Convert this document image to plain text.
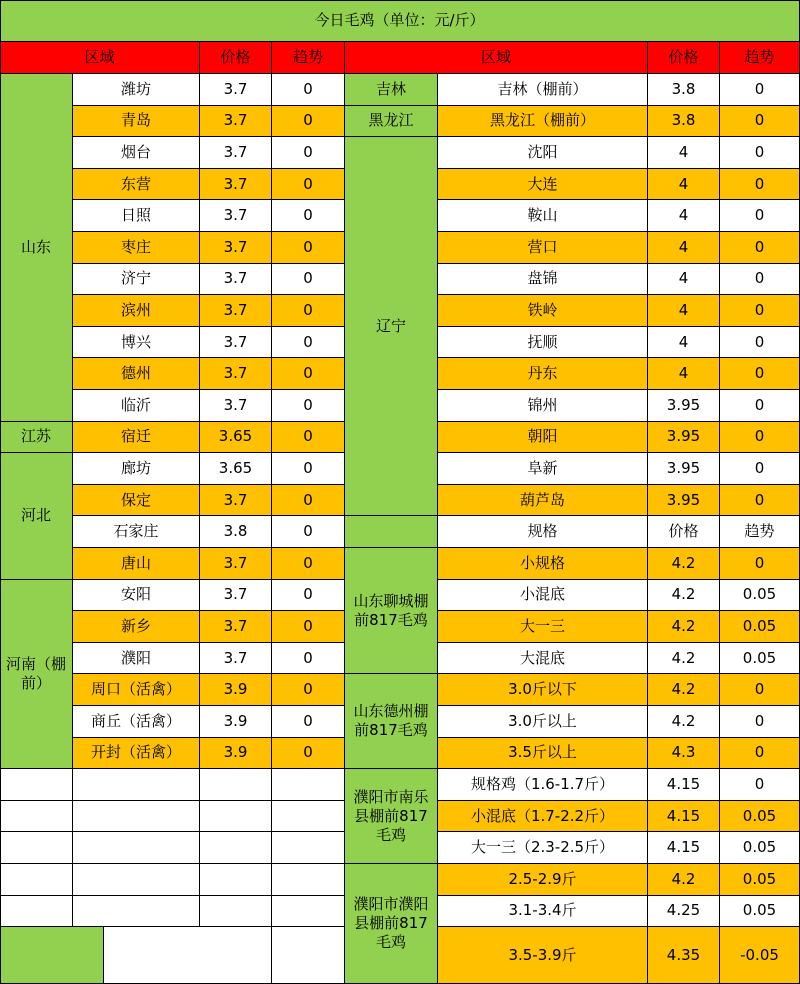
今日毛鸡（单位：元/斤）
区域	价格	趋势	区域	价格	趋势
山东
潍坊	3.7	0
青岛	3.7	0
烟台	3.7	0
东营	3.7	0
日照	3.7	0
枣庄	3.7	0
济宁	3.7	0
滨州	3.7	0
博兴	3.7	0
德州	3.7	0
临沂	3.7	0
江苏	宿迁	3.65	0
河北
廊坊	3.65	0
保定	3.7	0
石家庄	3.8	0
唐山	3.7	0
河南（棚前）
安阳	3.7	0
新乡	3.7	0
濮阳	3.7	0
周口（活禽）	3.9	0
商丘（活禽）	3.9	0
开封（活禽）	3.9	0
吉林	吉林（棚前）	3.8	0
黑龙江	黑龙江（棚前）	3.8	0
辽宁
沈阳	4	0
大连	4	0
鞍山	4	0
营口	4	0
盘锦	4	0
铁岭	4	0
抚顺	4	0
丹东	4	0
锦州	3.95	0
朝阳	3.95	0
阜新	3.95	0
葫芦岛	3.95	0
规格	价格	趋势
山东聊城棚前817毛鸡
小规格	4.2	0
小混底	4.2	0.05
大一三	4.2	0.05
大混底	4.2	0.05
山东德州棚前817毛鸡
3.0斤以下	4.2	0
3.0斤以上	4.2	0
3.5斤以上	4.3	0
濮阳市南乐县棚前817毛鸡
规格鸡（1.6-1.7斤）	4.15	0
小混底（1.7-2.2斤）	4.15	0.05
大一三（2.3-2.5斤）	4.15	0.05
濮阳市濮阳县棚前817毛鸡
2.5-2.9斤	4.2	0.05
3.1-3.4斤	4.25	0.05
3.5-3.9斤	4.35	-0.05
